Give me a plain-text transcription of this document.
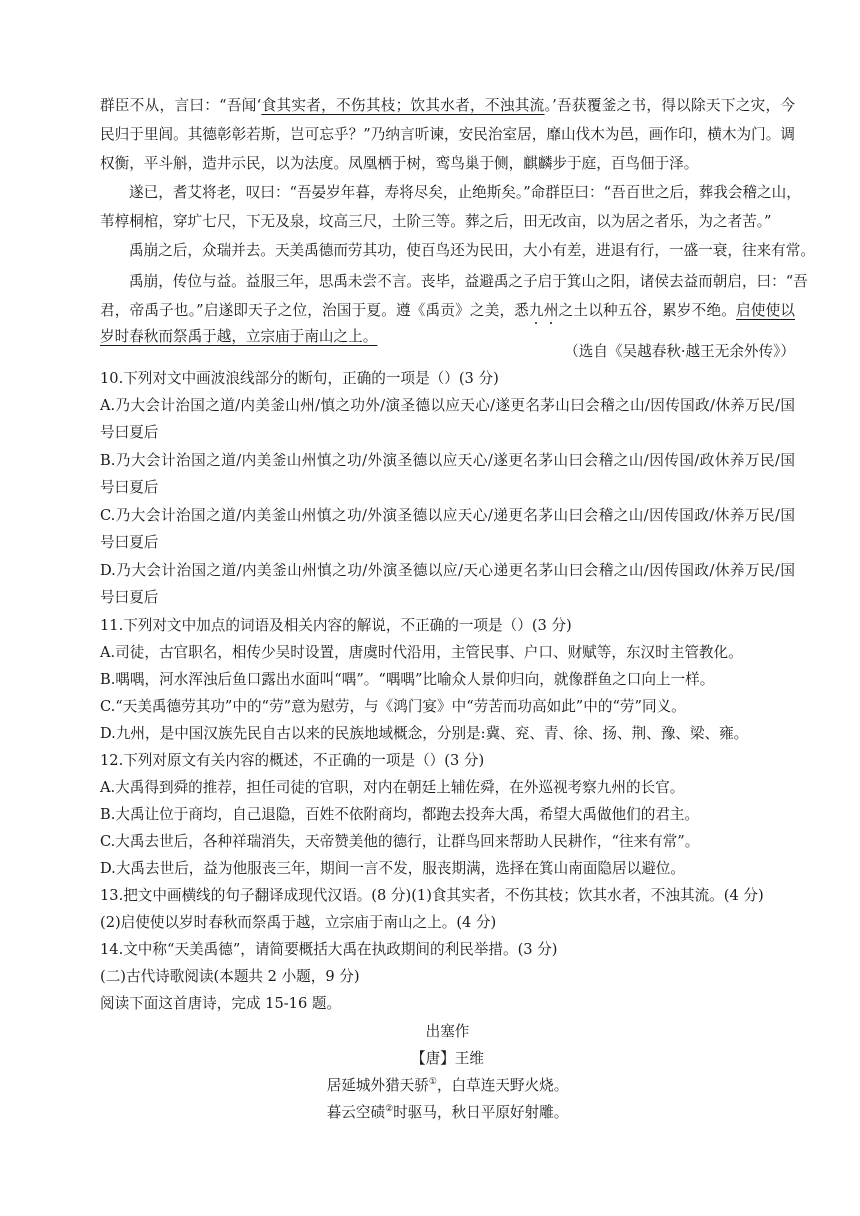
群臣不从，言曰：“吾闻‘食其实者，不伤其枝；饮其水者，不浊其流。’吾获覆釜之书，得以除天下之灾，今
民归于里闾。其德彰彰若斯，岂可忘乎？”乃纳言听谏，安民治室居，靡山伐木为邑，画作印，横木为门。调
权衡，平斗斛，造井示民，以为法度。凤凰栖于树，鸾鸟巢于侧，麒麟步于庭，百鸟佃于泽。
遂已，耆艾将老，叹曰：“吾晏岁年暮，寿将尽矣，止绝斯矣。”命群臣曰：“吾百世之后，葬我会稽之山，
苇椁桐棺，穿圹七尺，下无及泉，坟高三尺，土阶三等。葬之后，田无改亩，以为居之者乐，为之者苦。”
禹崩之后，众瑞并去。天美禹德而劳其功，使百鸟还为民田，大小有差，进退有行，一盛一衰，往来有常。
禹崩，传位与益。益服三年，思禹未尝不言。丧毕，益避禹之子启于箕山之阳，诸侯去益而朝启，曰：“吾
君，帝禹子也。”启遂即天子之位，治国于夏。遵《禹贡》之美，悉九州之土以种五谷，累岁不绝。启使使以
岁时春秋而祭禹于越，立宗庙于南山之上。
（选自《吴越春秋·越王无余外传》）
10.下列对文中画波浪线部分的断句，正确的一项是（）(3 分)
A.乃大会计治国之道/内美釜山州/慎之功外/演圣德以应天心/遂更名茅山曰会稽之山/因传国政/休养万民/国
号曰夏后
B.乃大会计治国之道/内美釜山州慎之功/外演圣德以应天心/遂更名茅山曰会稽之山/因传国/政休养万民/国
号曰夏后
C.乃大会计治国之道/内美釜山州慎之功/外演圣德以应天心/递更名茅山曰会稽之山/因传国政/休养万民/国
号曰夏后
D.乃大会计治国之道/内美釜山州慎之功/外演圣德以应/天心递更名茅山曰会稽之山/因传国政/休养万民/国
号曰夏后
11.下列对文中加点的词语及相关内容的解说，不正确的一项是（）(3 分)
A.司徒，古官职名，相传少吴时设置，唐虞时代沿用，主管民事、户口、财赋等，东汉时主管教化。
B.喁喁，河水浑浊后鱼口露出水面叫“喁”。“喁喁”比喻众人景仰归向，就像群鱼之口向上一样。
C.“天美禹德劳其功”中的“劳”意为慰劳，与《鸿门宴》中“劳苦而功高如此”中的“劳”同义。
D.九州，是中国汉族先民自古以来的民族地域概念，分别是:冀、兖、青、徐、扬、荆、豫、梁、雍。
12.下列对原文有关内容的概述，不正确的一项是（）(3 分)
A.大禹得到舜的推荐，担任司徒的官职，对内在朝廷上辅佐舜，在外巡视考察九州的长官。
B.大禹让位于商均，自己退隐，百姓不依附商均，都跑去投奔大禹，希望大禹做他们的君主。
C.大禹去世后，各种祥瑞消失，天帝赞美他的德行，让群鸟回来帮助人民耕作，“往来有常”。
D.大禹去世后，益为他服丧三年，期间一言不发，服丧期满，选择在箕山南面隐居以避位。
13.把文中画横线的句子翻译成现代汉语。(8 分)(1)食其实者，不伤其枝；饮其水者，不浊其流。(4 分)
(2)启使使以岁时春秋而祭禹于越，立宗庙于南山之上。(4 分)
14.文中称“天美禹德”，请简要概括大禹在执政期间的利民举措。(3 分)
(二)古代诗歌阅读(本题共 2 小题，9 分)
阅读下面这首唐诗，完成 15-16 题。
出塞作
【唐】王维
居延城外猎天骄①，白草连天野火烧。
暮云空碛②时驱马，秋日平原好射雕。
